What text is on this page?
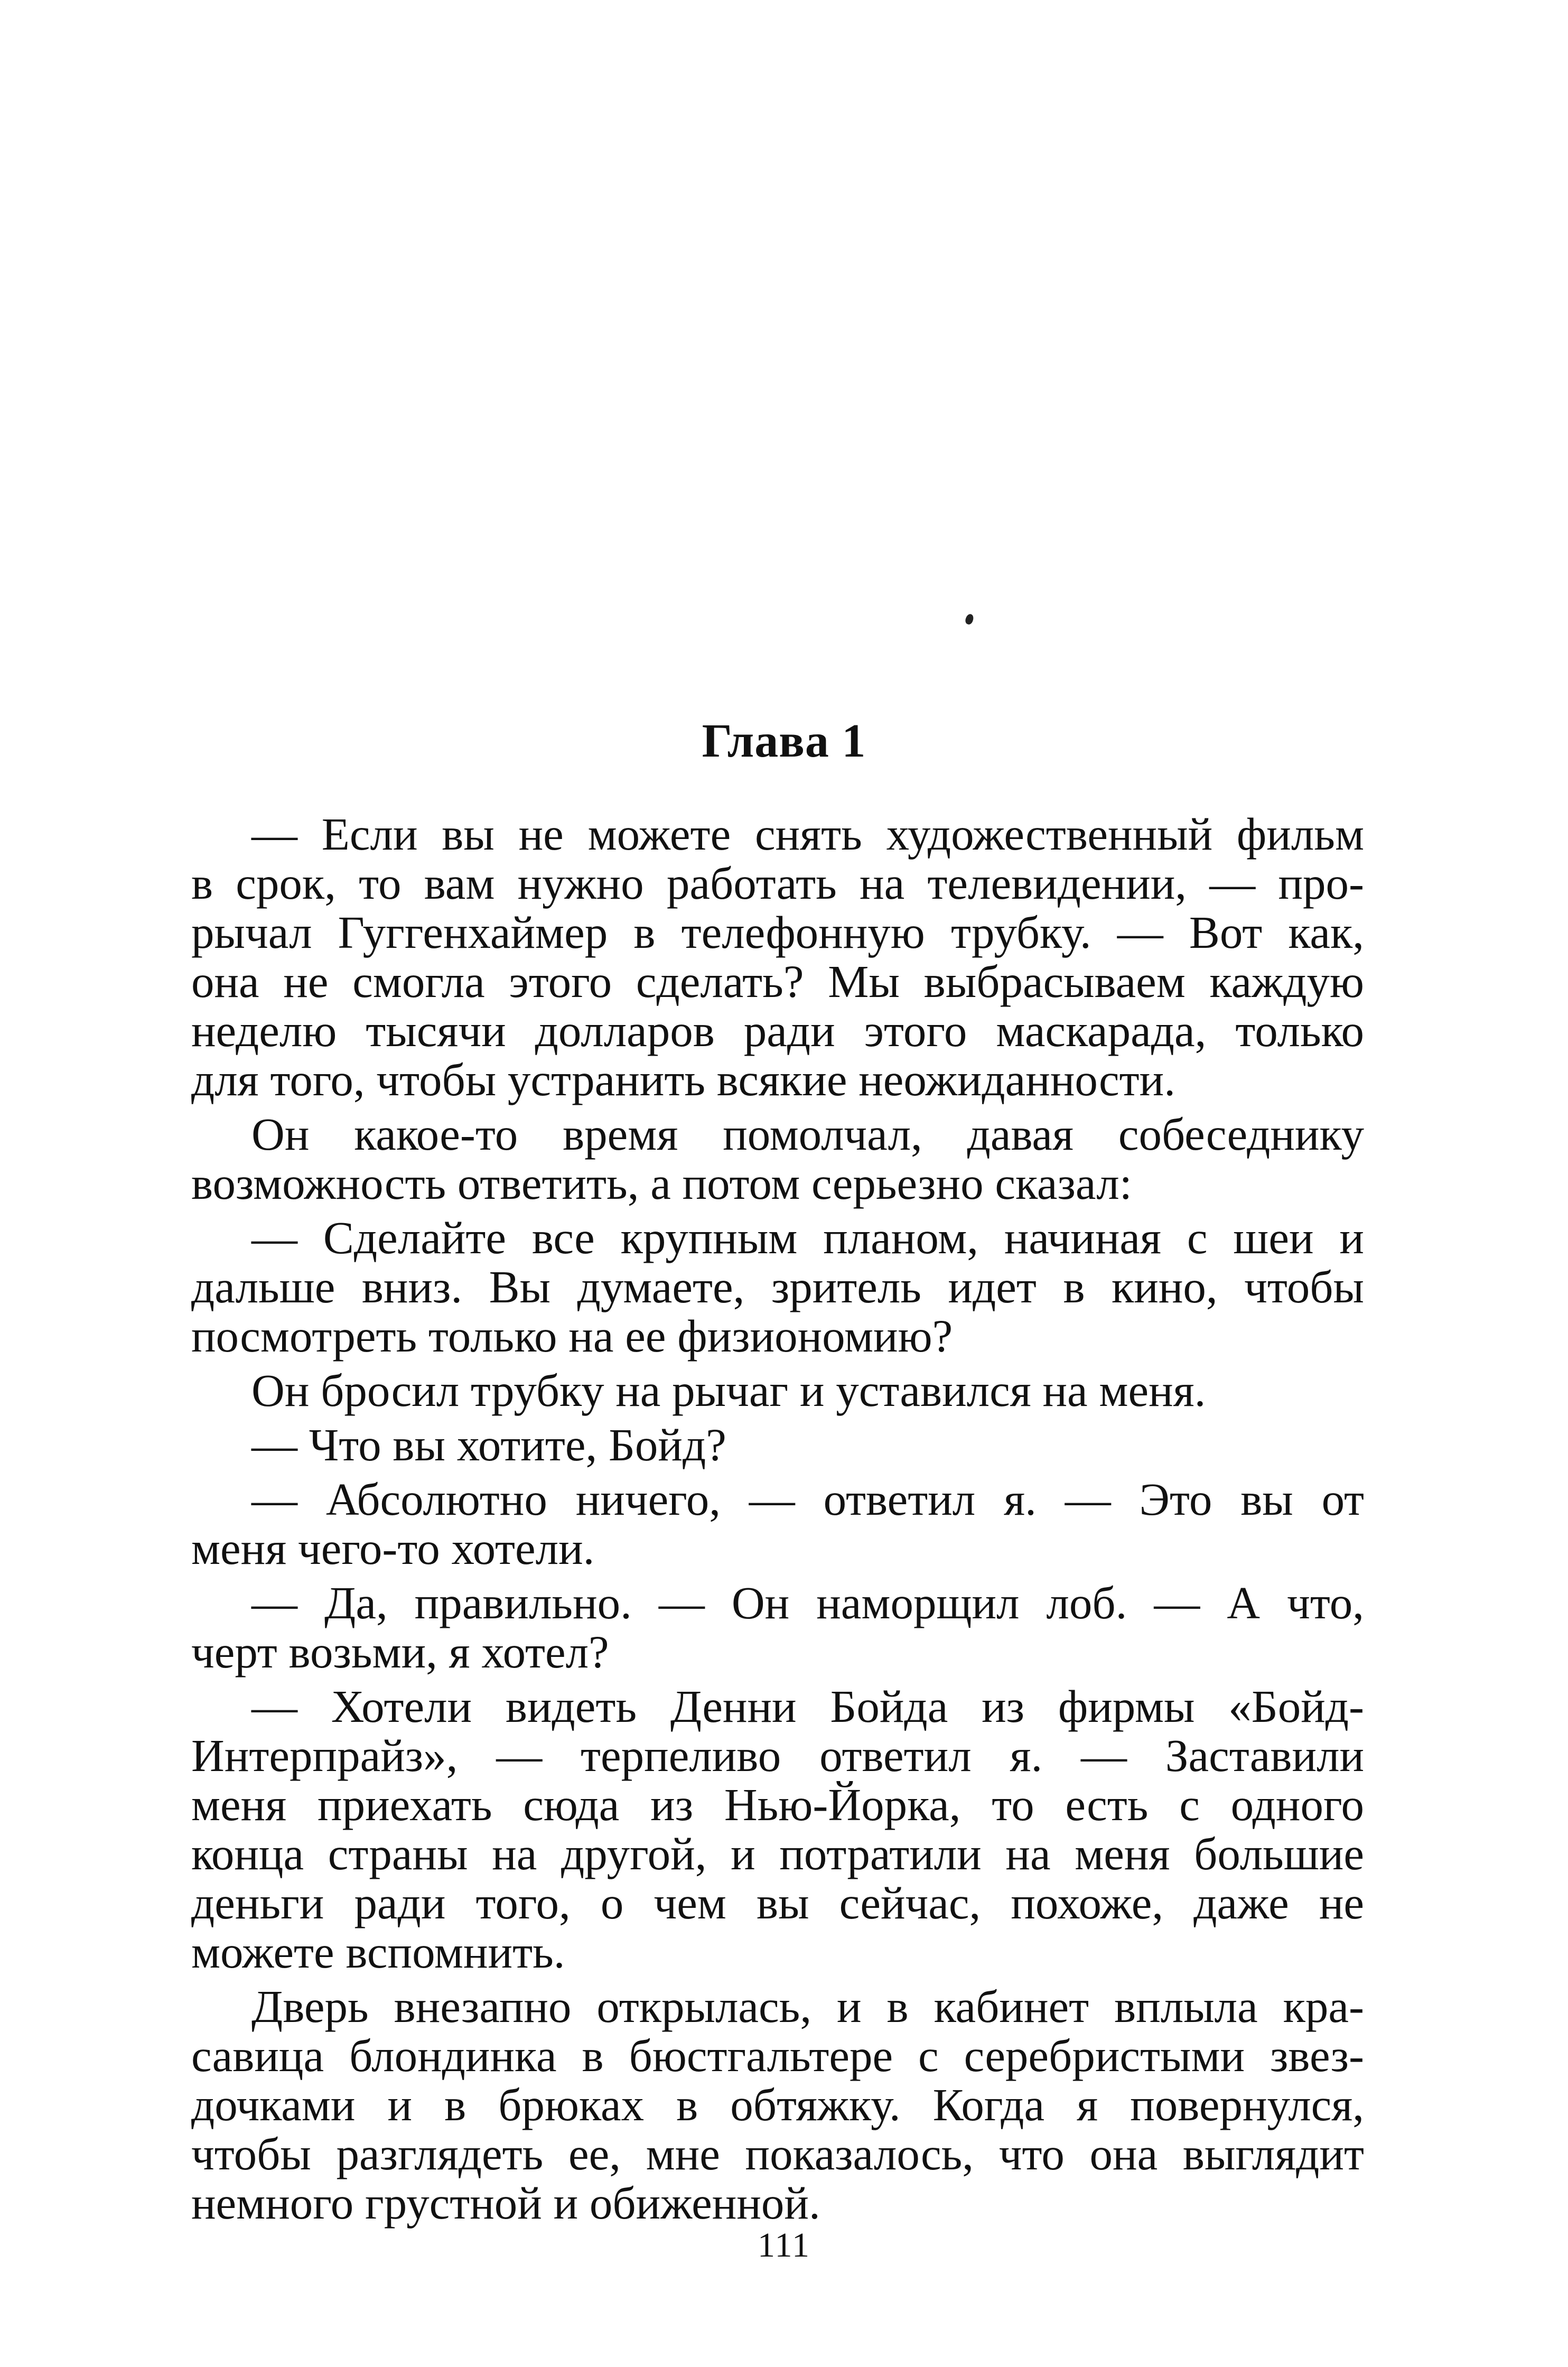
Глава 1
— Если вы не можете снять художественный фильм
в срок, то вам нужно работать на телевидении, — про-
рычал Гуггенхаймер в телефонную трубку. — Вот как,
она не смогла этого сделать? Мы выбрасываем каждую
неделю тысячи долларов ради этого маскарада, только
для того, чтобы устранить всякие неожиданности.
Он какое-то время помолчал, давая собеседнику
возможность ответить, а потом серьезно сказал:
— Сделайте все крупным планом, начиная с шеи и
дальше вниз. Вы думаете, зритель идет в кино, чтобы
посмотреть только на ее физиономию?
Он бросил трубку на рычаг и уставился на меня.
— Что вы хотите, Бойд?
— Абсолютно ничего, — ответил я. — Это вы от
меня чего-то хотели.
— Да, правильно. — Он наморщил лоб. — А что,
черт возьми, я хотел?
— Хотели видеть Денни Бойда из фирмы «Бойд-
Интерпрайз», — терпеливо ответил я. — Заставили
меня приехать сюда из Нью-Йорка, то есть с одного
конца страны на другой, и потратили на меня большие
деньги ради того, о чем вы сейчас, похоже, даже не
можете вспомнить.
Дверь внезапно открылась, и в кабинет вплыла кра-
савица блондинка в бюстгальтере с серебристыми звез-
дочками и в брюках в обтяжку. Когда я повернулся,
чтобы разглядеть ее, мне показалось, что она выглядит
немного грустной и обиженной.
111
